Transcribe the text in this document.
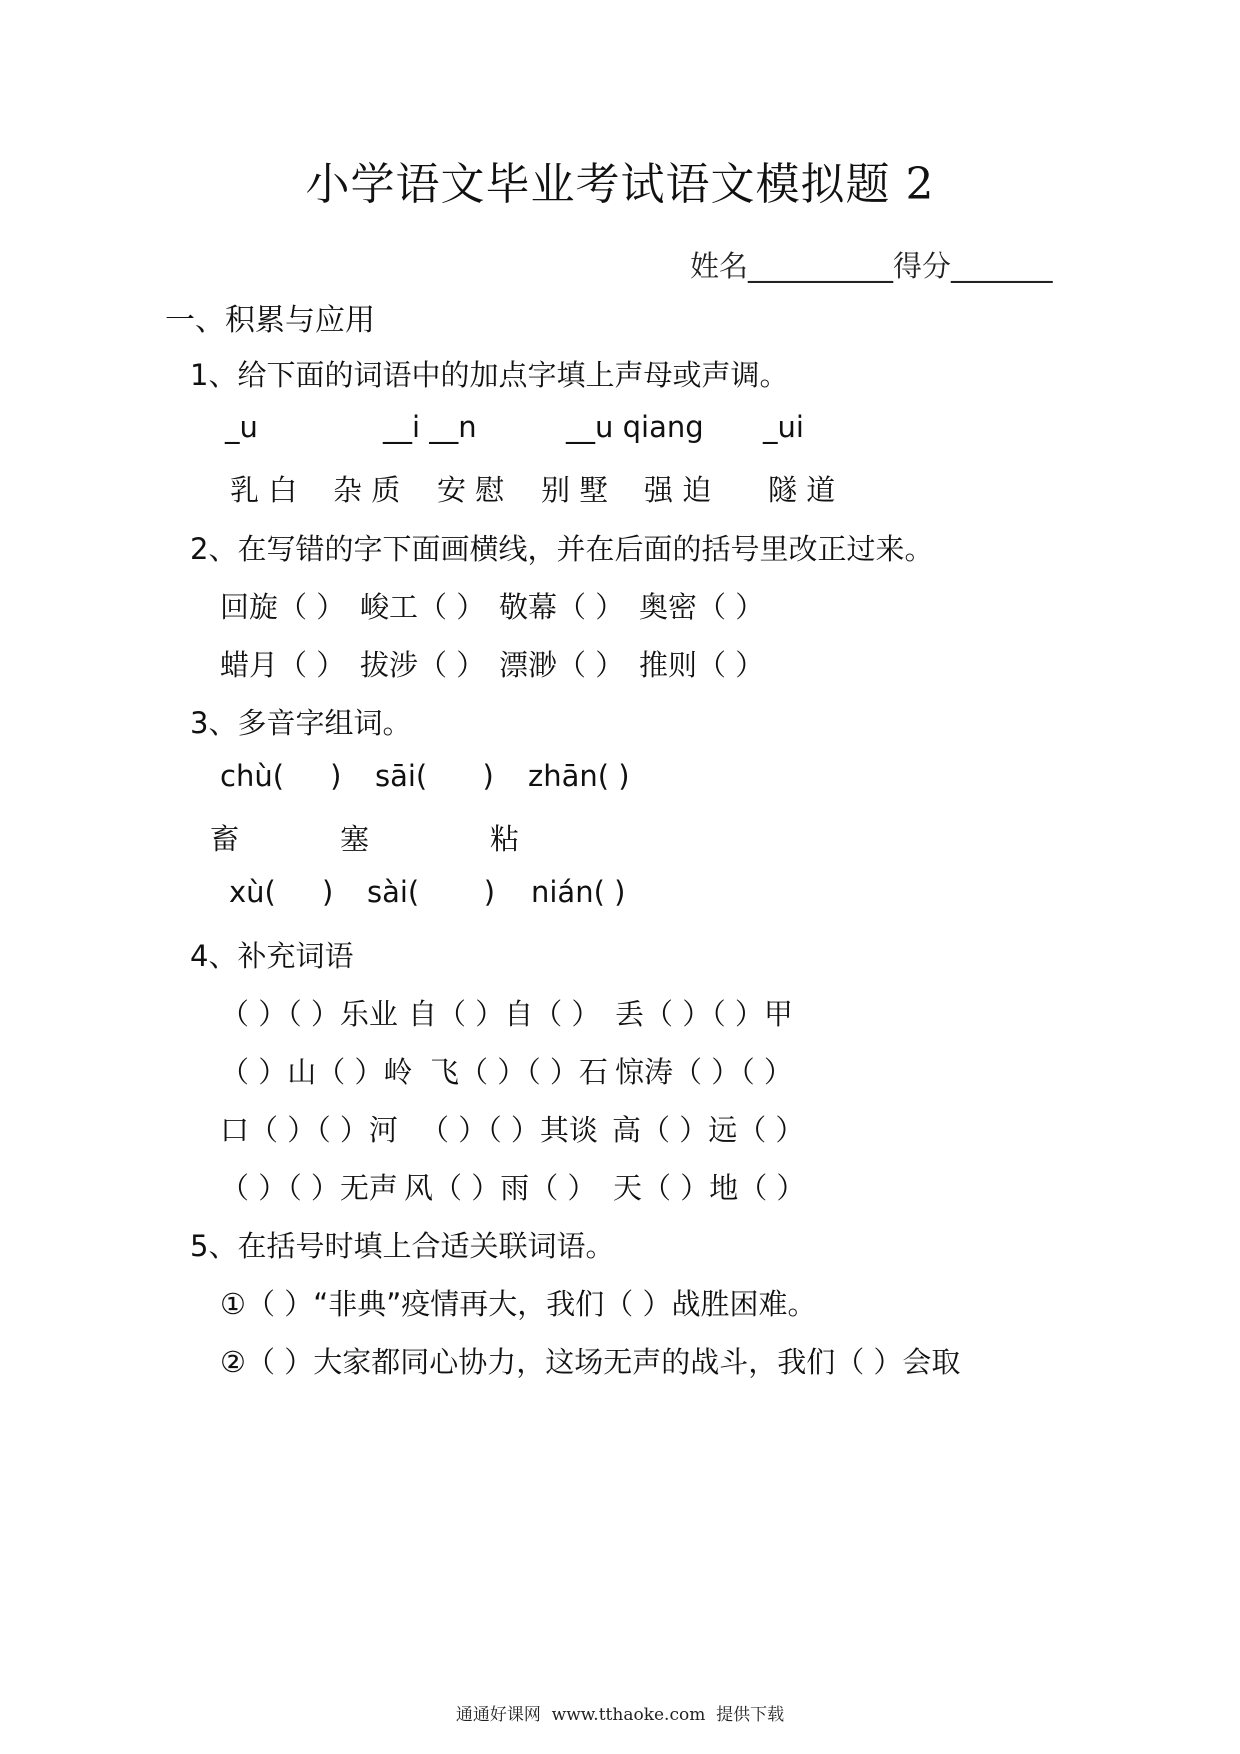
小学语文毕业考试语文模拟题 2
姓名__________得分_______
一、积累与应用
1、给下面的词语中的加点字填上声母或声调。
_u	__i __n	__u qiang _ui
乳 白 杂 质 安 慰 别 墅 强 迫 隧 道
2、在写错的字下面画横线，并在后面的括号里改正过来。
回旋（ ） 峻工（ ） 敬幕（ ） 奥密（ ）
蜡月（ ） 拔涉（ ） 漂渺（ ） 推则（ ）
3、多音字组词。
chù(     ) sāi(      ) zhān( )
畜	塞	粘
xù(     ) sài(       ) nián( )
4、补充词语
（ ）（ ）乐业 自（ ）自（ ） 丢（ ）（ ）甲
（ ）山（ ）岭 飞（ ）（ ）石 惊涛（ ）（ ）
口（ ）（ ）河 （ ）（ ）其谈 高（ ）远（ ）
（ ）（ ）无声 风（ ）雨（ ） 天（ ）地（ ）
5、在括号时填上合适关联词语。
①（ ）“非典”疫情再大，我们（ ）战胜困难。
②（ ）大家都同心协力，这场无声的战斗，我们（ ）会取
通通好课网  www.tthaoke.com  提供下载
